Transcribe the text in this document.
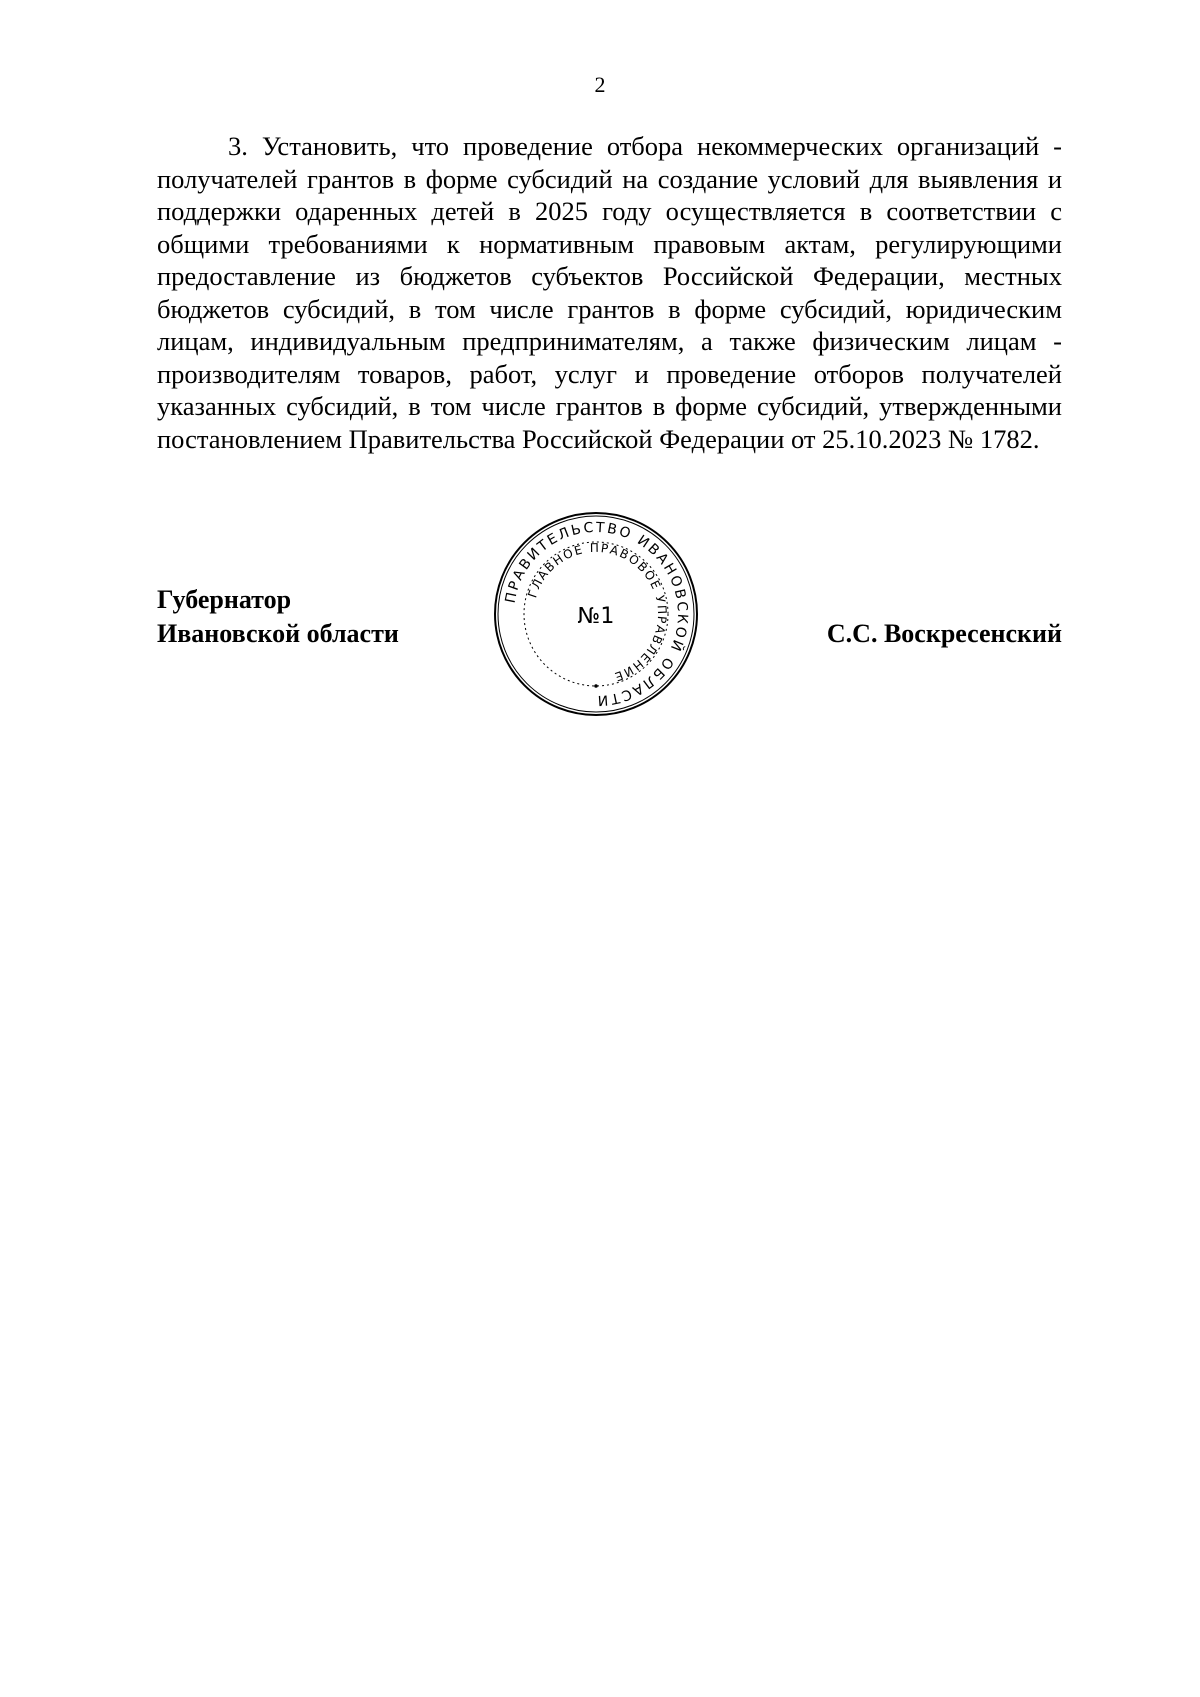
2

3. Установить, что проведение отбора некоммерческих организаций - получателей грантов в форме субсидий на создание условий для выявления и поддержки одаренных детей в 2025 году осуществляется в соответствии с общими требованиями к нормативным правовым актам, регулирующими предоставление из бюджетов субъектов Российской Федерации, местных бюджетов субсидий, в том числе грантов в форме субсидий, юридическим лицам, индивидуальным предпринимателям, а также физическим лицам - производителям товаров, работ, услуг и проведение отборов получателей указанных субсидий, в том числе грантов в форме субсидий, утвержденными постановлением Правительства Российской Федерации от 25.10.2023 № 1782.

Губернатор
Ивановской области
ПРАВИТЕЛЬСТВО ИВАНОВСКОЙ ОБЛАСТИ
ГЛАВНОЕ ПРАВОВОЕ УПРАВЛЕНИЕ
№1
С.С. Воскресенский
